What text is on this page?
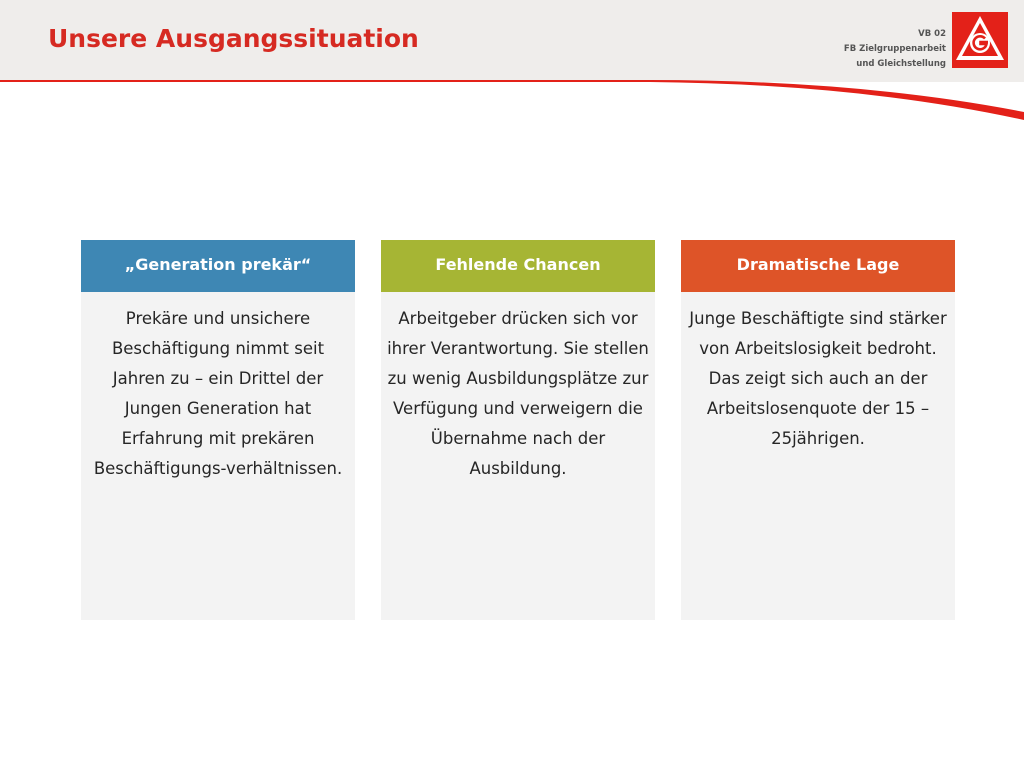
Unsere Ausgangssituation	VB 02
FB Zielgruppenarbeit
und Gleichstellung
„Generation prekär“
Prekäre und unsichere Beschäftigung nimmt seit Jahren zu – ein Drittel der Jungen Generation hat Erfahrung mit prekären Beschäftigungs-verhältnissen.
Fehlende Chancen
Arbeitgeber drücken sich vor ihrer Verantwortung. Sie stellen zu wenig Ausbildungsplätze zur Verfügung und verweigern die Übernahme nach der Ausbildung.
Dramatische Lage
Junge Beschäftigte sind stärker von Arbeitslosigkeit bedroht. Das zeigt sich auch an der Arbeitslosenquote der 15 – 25jährigen.
